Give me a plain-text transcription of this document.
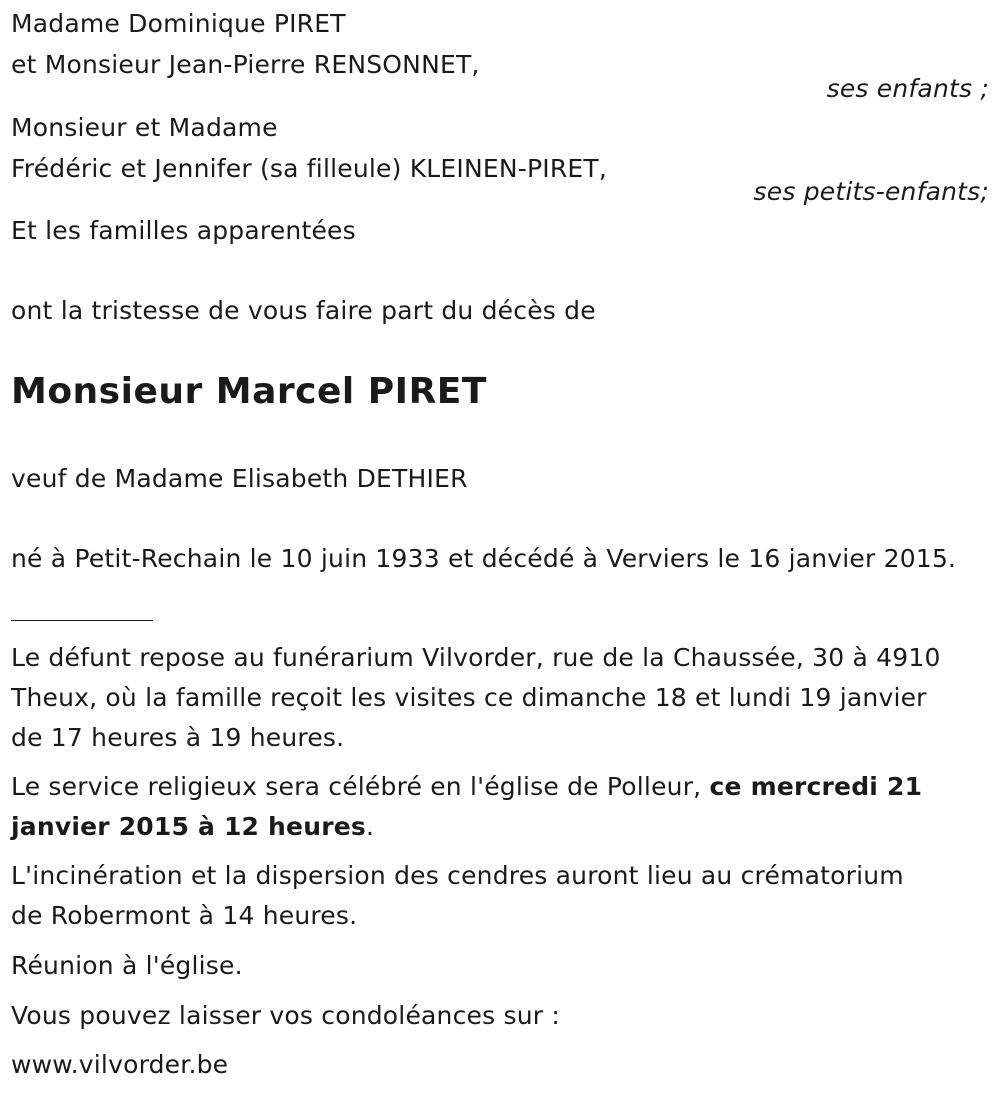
Madame Dominique PIRET
et Monsieur Jean-Pierre RENSONNET,
ses enfants ;
Monsieur et Madame
Frédéric et Jennifer (sa filleule) KLEINEN-PIRET,
ses petits-enfants;
Et les familles apparentées
ont la tristesse de vous faire part du décès de
Monsieur Marcel PIRET
veuf de Madame Elisabeth DETHIER
né à Petit-Rechain le 10 juin 1933 et décédé à Verviers le 16 janvier 2015.
Le défunt repose au funérarium Vilvorder, rue de la Chaussée, 30 à 4910
Theux, où la famille reçoit les visites ce dimanche 18 et lundi 19 janvier
de 17 heures à 19 heures.
Le service religieux sera célébré en l'église de Polleur, ce mercredi 21
janvier 2015 à 12 heures.
L'incinération et la dispersion des cendres auront lieu au crématorium
de Robermont à 14 heures.
Réunion à l'église.
Vous pouvez laisser vos condoléances sur :
www.vilvorder.be
